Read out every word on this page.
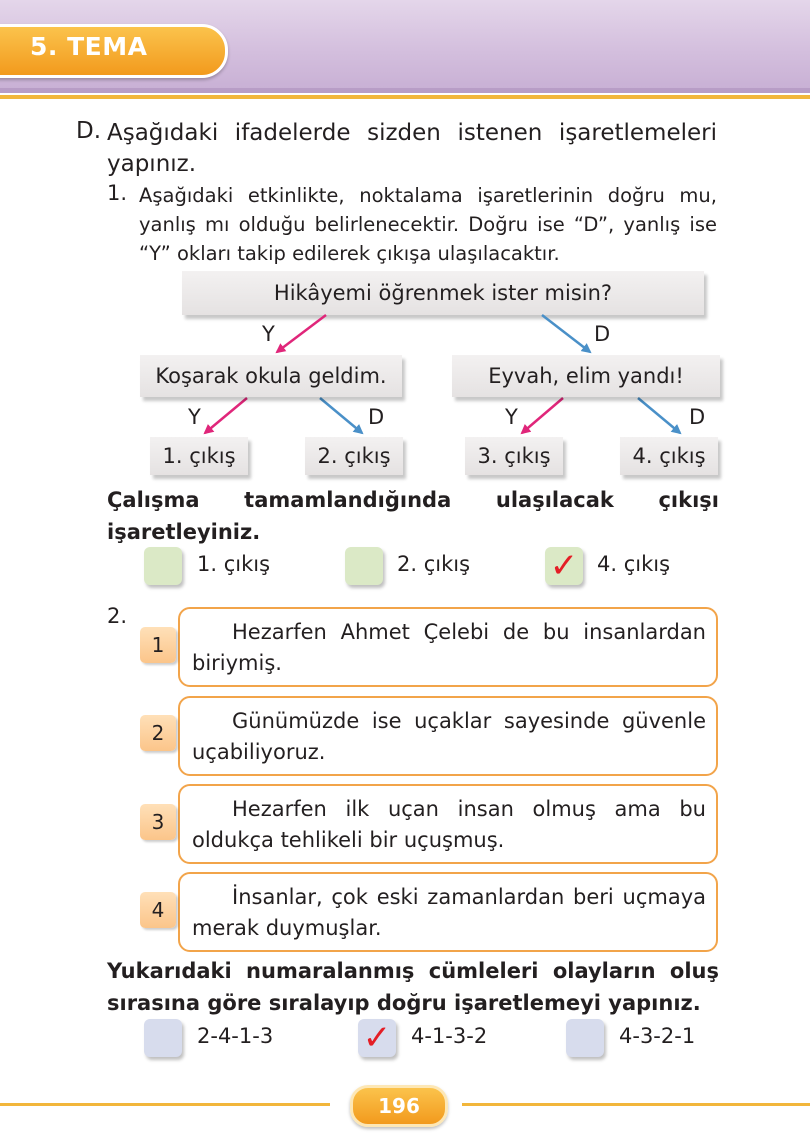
5. TEMA
D. Aşağıdaki ifadelerde sizden istenen işaretlemeleri yapınız.
1. Aşağıdaki etkinlikte, noktalama işaretlerinin doğru mu, yanlış mı olduğu belirlenecektir. Doğru ise “D”, yanlış ise “Y” okları takip edilerek çıkışa ulaşılacaktır.
Hikâyemi öğrenmek ister misin?
Y	D
Y	D	Y	D
Koşarak okula geldim.	Eyvah, elim yandı!
1. çıkış	2. çıkış	3. çıkış	4. çıkış
Çalışma tamamlandığında ulaşılacak çıkışı işaretleyiniz.
1. çıkış	2. çıkış ✓ 4. çıkış
2.
Hezarfen Ahmet Çelebi de bu insanlardan biriymiş.
1
Günümüzde ise uçaklar sayesinde güvenle uçabiliyoruz.
2
Hezarfen ilk uçan insan olmuş ama bu oldukça tehlikeli bir uçuşmuş.
3
İnsanlar, çok eski zamanlardan beri uçmaya merak duymuşlar.
4
Yukarıdaki numaralanmış cümleleri olayların oluş sırasına göre sıralayıp doğru işaretlemeyi yapınız.
2-4-1-3	✓ 4-1-3-2	4-3-2-1
196
